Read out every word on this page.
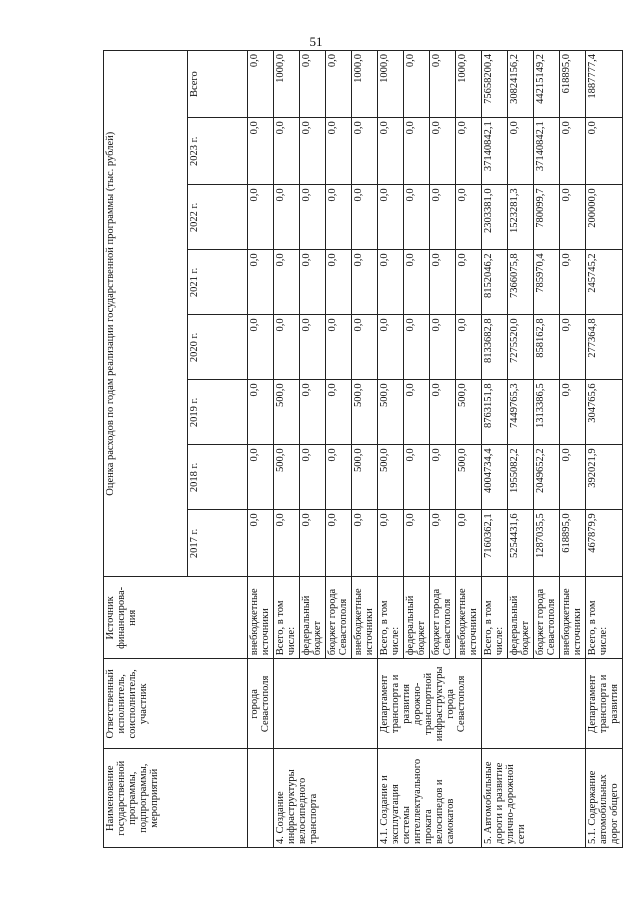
51
Наименование государственной программы, подпрограммы, мероприятий	Ответственный исполнитель, соисполнитель, участник	Источник финансирова-ния	Оценка расходов по годам реализации государственной программы (тыс. рублей)							
			2017 г.	2018 г.	2019 г.	2020 г.	2021 г.	2022 г.	2023 г.	Всего
	города Севастополя	внебюджетные источники	0,0	0,0	0,0	0,0	0,0	0,0	0,0	0,0
4. Создание инфраструктуры велосипедного транспорта		Всего, в том числе:	0,0	500,0	500,0	0,0	0,0	0,0	0,0	1000,0
		федеральный бюджет	0,0	0,0	0,0	0,0	0,0	0,0	0,0	0,0
		бюджет города Севастополя	0,0	0,0	0,0	0,0	0,0	0,0	0,0	0,0
		внебюджетные источники	0,0	500,0	500,0	0,0	0,0	0,0	0,0	1000,0
4.1. Создание и эксплуатация системы интеллектуального проката велосипедов и самокатов	Департамент транспорта и развития дорожно-транспортной инфраструктуры города Севастополя	Всего, в том числе:	0,0	500,0	500,0	0,0	0,0	0,0	0,0	1000,0
		федеральный бюджет	0,0	0,0	0,0	0,0	0,0	0,0	0,0	0,0
		бюджет города Севастополя	0,0	0,0	0,0	0,0	0,0	0,0	0,0	0,0
		внебюджетные источники	0,0	500,0	500,0	0,0	0,0	0,0	0,0	1000,0
5. Автомобильные дороги и развитие улично-дорожной сети		Всего, в том числе:	7160362,1	4004734,4	8763151,8	8133682,8	8152046,2	2303381,0	37140842,1	75658200,4
		федеральный бюджет	5254431,6	1955082,2	7449765,3	7275520,0	7366075,8	1523281,3	0,0	30824156,2
		бюджет города Севастополя	1287035,5	2049652,2	1313386,5	858162,8	785970,4	780099,7	37140842,1	44215149,2
		внебюджетные источники	618895,0	0,0	0,0	0,0	0,0	0,0	0,0	618895,0
5.1. Содержание автомобильных дорог общего	Департамент транспорта и развития	Всего, в том числе:	467879,9	392021,9	304765,6	277364,8	245745,2	200000,0	0,0	1887777,4
